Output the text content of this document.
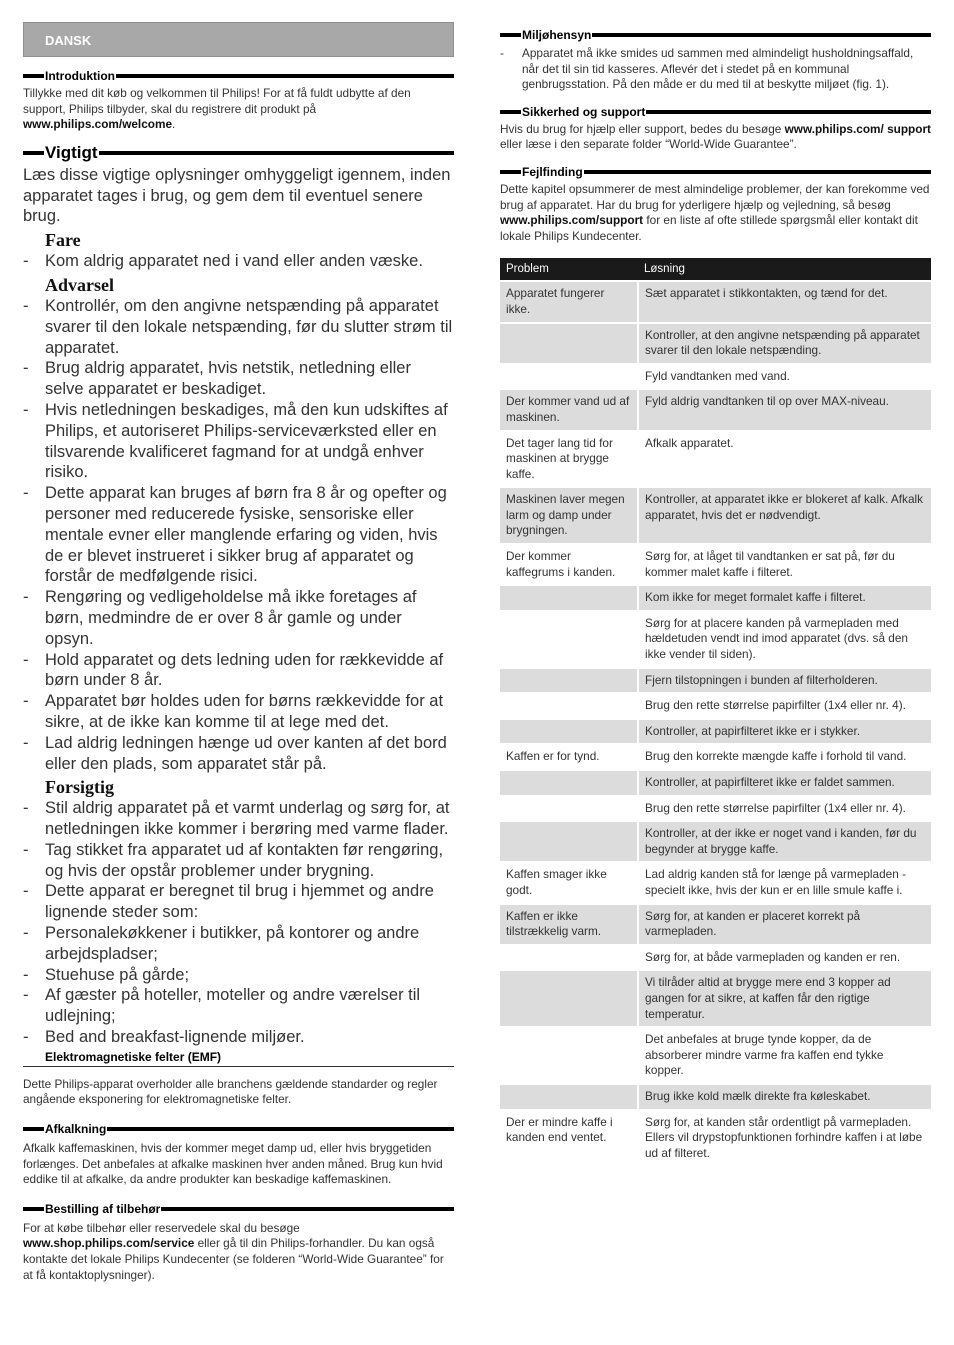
DANSK
Introduktion

Tillykke med dit køb og velkommen til Philips! For at få fuldt udbytte af den support, Philips tilbyder, skal du registrere dit produkt på www.philips.com/welcome.

Vigtigt

Læs disse vigtige oplysninger omhyggeligt igennem, inden apparatet tages i brug, og gem dem til eventuel senere brug.

Fare
- Kom aldrig apparatet ned i vand eller anden væske.
Advarsel
- Kontrollér, om den angivne netspænding på apparatet svarer til den lokale netspænding, før du slutter strøm til apparatet.
- Brug aldrig apparatet, hvis netstik, netledning eller selve apparatet er beskadiget.
- Hvis netledningen beskadiges, må den kun udskiftes af Philips, et autoriseret Philips-serviceværksted eller en tilsvarende kvalificeret fagmand for at undgå enhver risiko.
- Dette apparat kan bruges af børn fra 8 år og opefter og personer med reducerede fysiske, sensoriske eller mentale evner eller manglende erfaring og viden, hvis de er blevet instrueret i sikker brug af apparatet og forstår de medfølgende risici.
- Rengøring og vedligeholdelse må ikke foretages af børn, medmindre de er over 8 år gamle og under opsyn.
- Hold apparatet og dets ledning uden for rækkevidde af børn under 8 år.
- Apparatet bør holdes uden for børns rækkevidde for at sikre, at de ikke kan komme til at lege med det.
- Lad aldrig ledningen hænge ud over kanten af det bord eller den plads, som apparatet står på.
Forsigtig
- Stil aldrig apparatet på et varmt underlag og sørg for, at netledningen ikke kommer i berøring med varme flader.
- Tag stikket fra apparatet ud af kontakten før rengøring, og hvis der opstår problemer under brygning.
- Dette apparat er beregnet til brug i hjemmet og andre lignende steder som:
- Personalekøkkener i butikker, på kontorer og andre arbejdspladser;
- Stuehuse på gårde;
- Af gæster på hoteller, moteller og andre værelser til udlejning;
- Bed and breakfast-lignende miljøer.
Elektromagnetiske felter (EMF)

Dette Philips-apparat overholder alle branchens gældende standarder og regler angående eksponering for elektromagnetiske felter.

Afkalkning

Afkalk kaffemaskinen, hvis der kommer meget damp ud, eller hvis bryggetiden forlænges. Det anbefales at afkalke maskinen hver anden måned. Brug kun hvid eddike til at afkalke, da andre produkter kan beskadige kaffemaskinen.

Bestilling af tilbehør

For at købe tilbehør eller reservedele skal du besøge
www.shop.philips.com/service eller gå til din Philips-forhandler. Du kan også kontakte det lokale Philips Kundecenter (se folderen “World-Wide Guarantee” for at få kontaktoplysninger).

Miljøhensyn
- Apparatet må ikke smides ud sammen med almindeligt husholdningsaffald, når det til sin tid kasseres. Aflevér det i stedet på en kommunal genbrugsstation. På den måde er du med til at beskytte miljøet (fig. 1).
Sikkerhed og support

Hvis du brug for hjælp eller support, bedes du besøge www.philips.com/ support eller læse i den separate folder “World-Wide Guarantee”.

Fejlfinding

Dette kapitel opsummerer de mest almindelige problemer, der kan forekomme ved brug af apparatet. Har du brug for yderligere hjælp og vejledning, så besøg www.philips.com/support for en liste af ofte stillede spørgsmål eller kontakt dit lokale Philips Kundecenter.

Problem	Løsning
Apparatet fungerer ikke.	Sæt apparatet i stikkontakten, og tænd for det.
	Kontroller, at den angivne netspænding på apparatet svarer til den lokale netspænding.
	Fyld vandtanken med vand.
Der kommer vand ud af maskinen.	Fyld aldrig vandtanken til op over MAX-niveau.
Det tager lang tid for maskinen at brygge kaffe.	Afkalk apparatet.
Maskinen laver megen larm og damp under brygningen.	Kontroller, at apparatet ikke er blokeret af kalk. Afkalk apparatet, hvis det er nødvendigt.
Der kommer kaffegrums i kanden.	Sørg for, at låget til vandtanken er sat på, før du kommer malet kaffe i filteret.
	Kom ikke for meget formalet kaffe i filteret.
	Sørg for at placere kanden på varmepladen med hældetuden vendt ind imod apparatet (dvs. så den ikke vender til siden).
	Fjern tilstopningen i bunden af filterholderen.
	Brug den rette størrelse papirfilter (1x4 eller nr. 4).
	Kontroller, at papirfilteret ikke er i stykker.
Kaffen er for tynd.	Brug den korrekte mængde kaffe i forhold til vand.
	Kontroller, at papirfilteret ikke er faldet sammen.
	Brug den rette størrelse papirfilter (1x4 eller nr. 4).
	Kontroller, at der ikke er noget vand i kanden, før du begynder at brygge kaffe.
Kaffen smager ikke godt.	Lad aldrig kanden stå for længe på varmepladen - specielt ikke, hvis der kun er en lille smule kaffe i.
Kaffen er ikke tilstrækkelig varm.	Sørg for, at kanden er placeret korrekt på varmepladen.
	Sørg for, at både varmepladen og kanden er ren.
	Vi tilråder altid at brygge mere end 3 kopper ad gangen for at sikre, at kaffen får den rigtige temperatur.
	Det anbefales at bruge tynde kopper, da de absorberer mindre varme fra kaffen end tykke kopper.
	Brug ikke kold mælk direkte fra køleskabet.
Der er mindre kaffe i kanden end ventet.	Sørg for, at kanden står ordentligt på varmepladen. Ellers vil drypstopfunktionen forhindre kaffen i at løbe ud af filteret.
